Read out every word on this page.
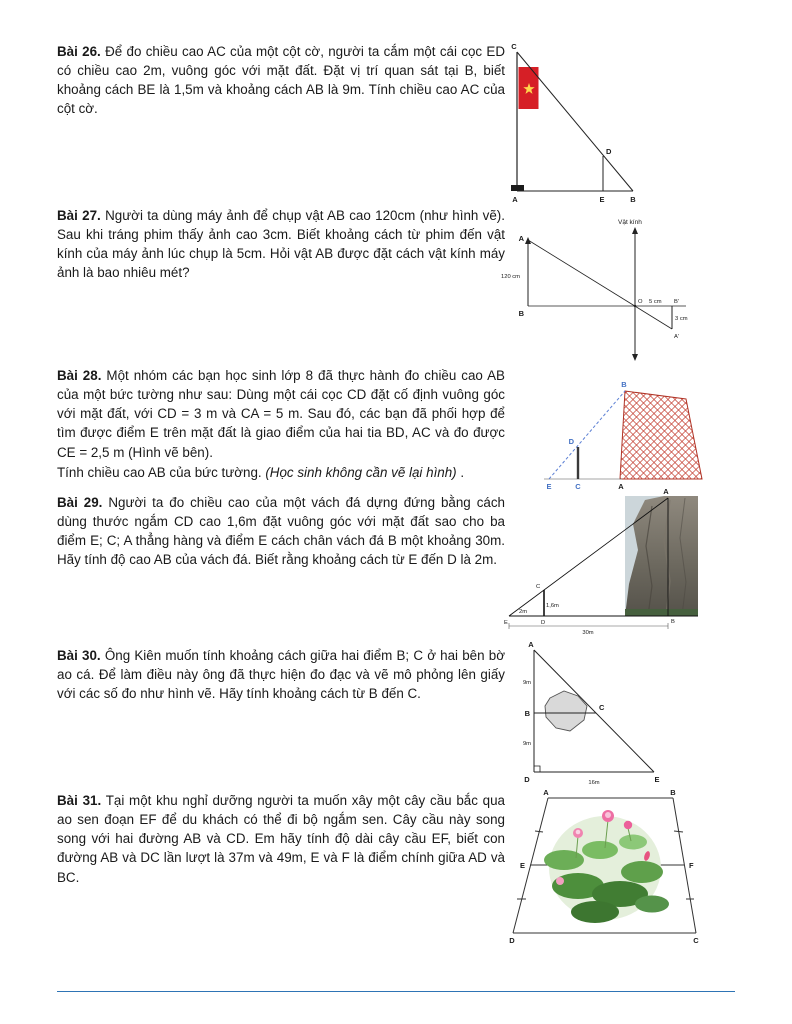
Bài 26. Để đo chiều cao AC của một cột cờ, người ta cắm một cái cọc ED có chiều cao 2m, vuông góc với mặt đất. Đặt vị trí quan sát tại B, biết khoảng cách BE là 1,5m và khoảng cách AB là 9m. Tính chiều cao AC của cột cờ.

Bài 27. Người ta dùng máy ảnh để chụp vật AB cao 120cm (như hình vẽ). Sau khi tráng phim thấy ảnh cao 3cm. Biết khoảng cách từ phim đến vật kính của máy ảnh lúc chụp là 5cm. Hỏi vật AB được đặt cách vật kính máy ảnh là bao nhiêu mét?

Bài 28. Một nhóm các bạn học sinh lớp 8 đã thực hành đo chiều cao AB của một bức tường như sau: Dùng một cái cọc CD đặt cố định vuông góc với mặt đất, với CD = 3 m và CA = 5 m. Sau đó, các bạn đã phối hợp để tìm được điểm E trên mặt đất là giao điểm của hai tia BD, AC và đo được CE = 2,5 m (Hình vẽ bên).

Tính chiều cao AB của bức tường. (Học sinh không cần vẽ lại hình) .

Bài 29. Người ta đo chiều cao của một vách đá dựng đứng bằng cách dùng thước ngắm CD cao 1,6m đặt vuông góc với mặt đất sao cho ba điểm E; C; A thẳng hàng và điểm E cách chân vách đá B một khoảng 30m. Hãy tính độ cao AB của vách đá. Biết rằng khoảng cách từ E đến D là 2m.

Bài 30. Ông Kiên muốn tính khoảng cách giữa hai điểm B; C ở hai bên bờ ao cá. Để làm điều này ông đã thực hiện đo đạc và vẽ mô phỏng lên giấy với các số đo như hình vẽ. Hãy tính khoảng cách từ B đến C.

Bài 31. Tại một khu nghỉ dưỡng người ta muốn xây một cây cầu bắc qua ao sen đoạn EF để du khách có thể đi bộ ngắm sen. Cây cầu này song song với hai đường AB và CD. Em hãy tính độ dài cây cầu EF, biết con đường AB và DC lần lượt là 37m và 49m, E và F là điểm chính giữa AD và BC.

C
D
A	E	B
Vật kính
A
B
120 cm
O 5 cm B'
3 cm
A'
B
D
E	C	A
A
C
1,6m
2m
D
E	B
30m
A
B
C
D	E
9m
9m
16m
A	B
E	F
D	C
